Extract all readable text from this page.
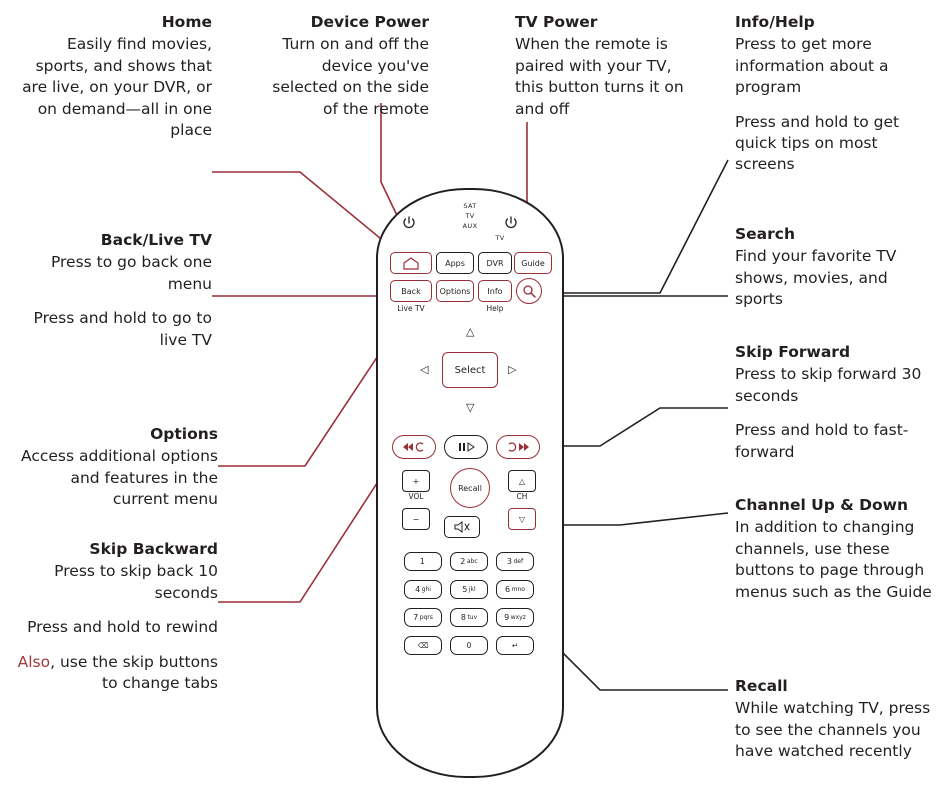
Home

Easily find movies, sports, and shows that are live, on your DVR, or on demand—all in one place

Device Power

Turn on and off the device you've selected on the side of the remote

TV Power

When the remote is paired with your TV, this button turns it on and off

Info/Help

Press to get more information about a program

Press and hold to get quick tips on most screens

Back/Live TV

Press to go back one menu

Press and hold to go to live TV

Search

Find your favorite TV shows, movies, and sports

Options

Access additional options and features in the current menu

Skip Forward

Press to skip forward 30 seconds

Press and hold to fast-forward

Channel Up & Down

In addition to changing channels, use these buttons to page through menus such as the Guide

Skip Backward

Press to skip back 10 seconds

Press and hold to rewind

Also, use the skip buttons to change tabs	Recall

While watching TV, press to see the channels you have watched recently

SAT
TV
AUX
TV
Apps	DVR	Guide
Back	Options	Info
Live TV	Help
△
◁	▷
▽
Select
+
VOL
−
Recall
△
CH
▽
1	2 abc	3 def
4 ghi	5 jkl	6 mno
7 pqrs	8 tuv	9 wxyz
⌫	0	↵
